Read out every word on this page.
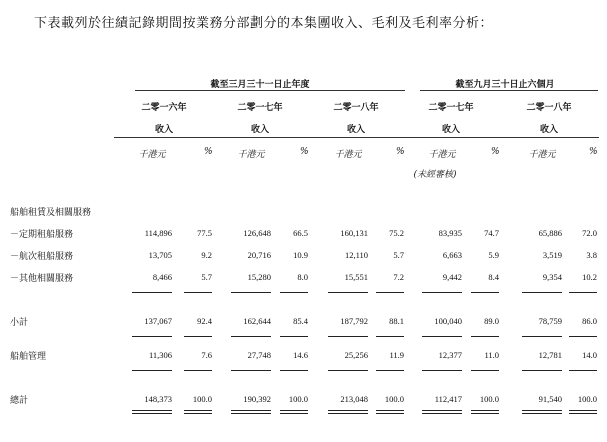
下表載列於往績記錄期間按業務分部劃分的本集團收入、毛利及毛利率分析：
截至三月三十一日止年度	截至九月三十日止六個月
二零一六年
收入
千港元	%
二零一七年
收入
千港元	%
二零一八年
收入
千港元	%
二零一七年
收入
千港元	%
二零一八年
收入
千港元	%
(未經審核)
船舶租賃及相關服務
－定期租船服務	114,896	77.5	126,648	66.5	160,131	75.2	83,935	74.7	65,886	72.0
－航次租船服務	13,705	9.2	20,716	10.9	12,110	5.7	6,663	5.9	3,519	3.8
－其他相關服務	8,466	5.7	15,280	8.0	15,551	7.2	9,442	8.4	9,354	10.2
小計	137,067	92.4	162,644	85.4	187,792	88.1	100,040	89.0	78,759	86.0
船舶管理	11,306	7.6	27,748	14.6	25,256	11.9	12,377	11.0	12,781	14.0
總計	148,373	100.0	190,392	100.0	213,048	100.0	112,417	100.0	91,540	100.0
